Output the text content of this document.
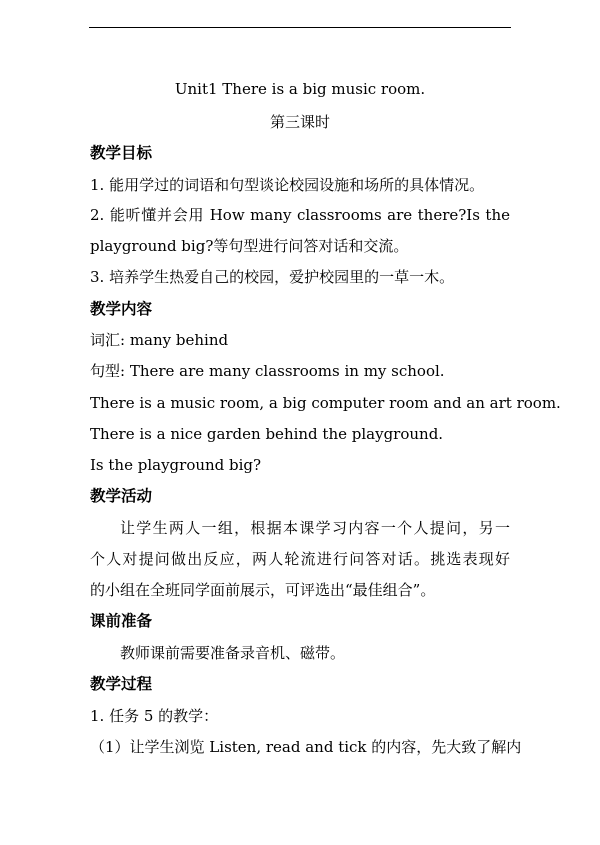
Unit1 There is a big music room.
第三课时
教学目标
1. 能用学过的词语和句型谈论校园设施和场所的具体情况。
2. 能听懂并会用 How many classrooms are there?Is the
playground big?等句型进行问答对话和交流。
3. 培养学生热爱自己的校园，爱护校园里的一草一木。
教学内容
词汇: many behind
句型: There are many classrooms in my school.
There is a music room, a big computer room and an art room.
There is a nice garden behind the playground.
Is the playground big?
教学活动
让学生两人一组，根据本课学习内容一个人提问，另一
个人对提问做出反应，两人轮流进行问答对话。挑选表现好
的小组在全班同学面前展示，可评选出“最佳组合”。
课前准备
教师课前需要准备录音机、磁带。
教学过程
1. 任务 5 的教学：
（1）让学生浏览 Listen, read and tick 的内容，先大致了解内
